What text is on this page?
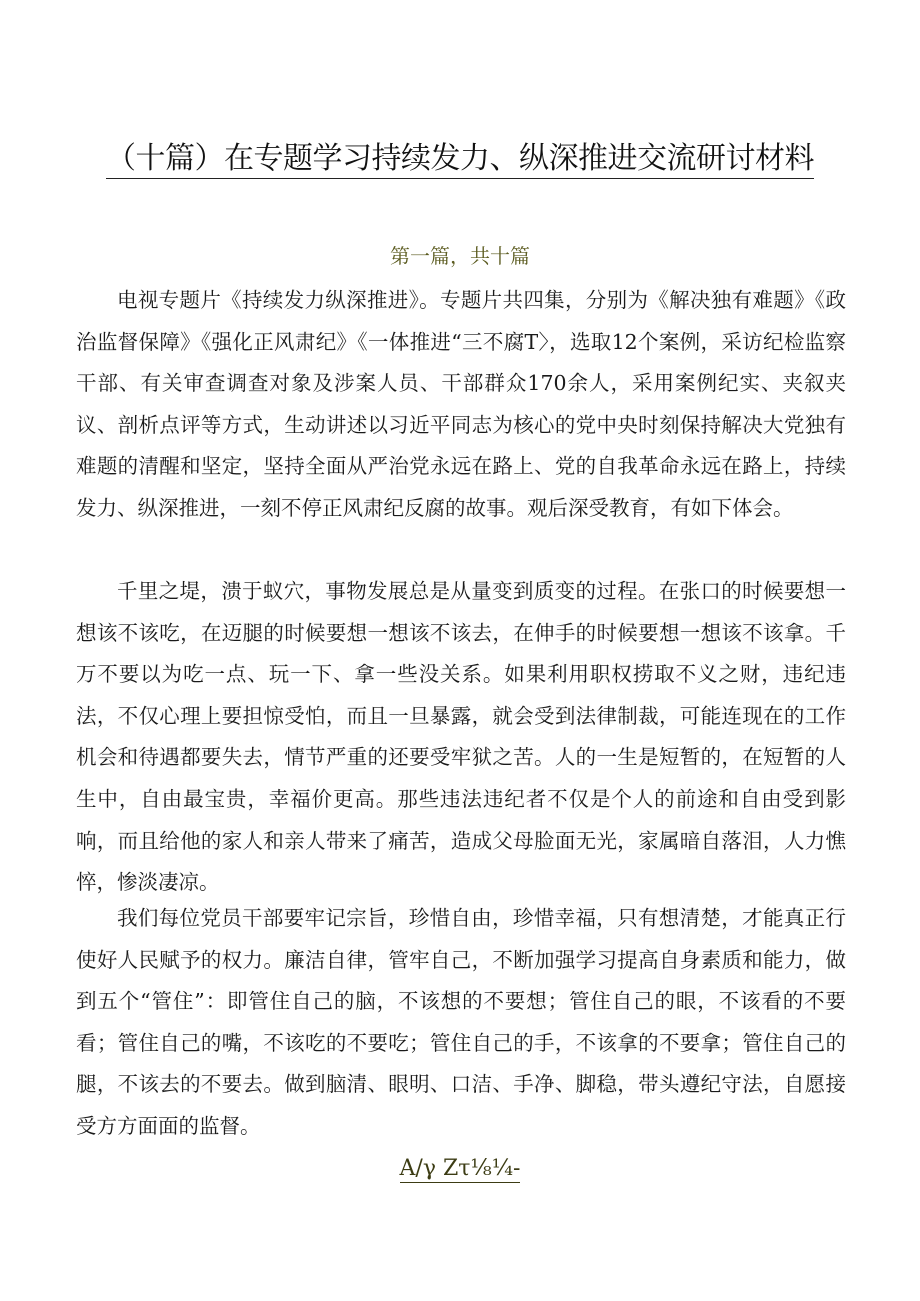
（十篇）在专题学习持续发力、纵深推进交流研讨材料
第一篇，共十篇

电视专题片《持续发力纵深推进》。专题片共四集，分别为《解决独有难题》《政治监督保障》《强化正风肃纪》《一体推进“三不腐T〉，选取12个案例，采访纪检监察干部、有关审查调查对象及涉案人员、干部群众170余人，采用案例纪实、夹叙夹议、剖析点评等方式，生动讲述以习近平同志为核心的党中央时刻保持解决大党独有难题的清醒和坚定，坚持全面从严治党永远在路上、党的自我革命永远在路上，持续发力、纵深推进，一刻不停正风肃纪反腐的故事。观后深受教育，有如下体会。

千里之堤，溃于蚁穴，事物发展总是从量变到质变的过程。在张口的时候要想一想该不该吃，在迈腿的时候要想一想该不该去，在伸手的时候要想一想该不该拿。千万不要以为吃一点、玩一下、拿一些没关系。如果利用职权捞取不义之财，违纪违法，不仅心理上要担惊受怕，而且一旦暴露，就会受到法律制裁，可能连现在的工作机会和待遇都要失去，情节严重的还要受牢狱之苦。人的一生是短暂的，在短暂的人生中，自由最宝贵，幸福价更高。那些违法违纪者不仅是个人的前途和自由受到影响，而且给他的家人和亲人带来了痛苦，造成父母脸面无光，家属暗自落泪，人力憔悴，惨淡凄凉。

我们每位党员干部要牢记宗旨，珍惜自由，珍惜幸福，只有想清楚，才能真正行使好人民赋予的权力。廉洁自律，管牢自己，不断加强学习提高自身素质和能力，做到五个“管住”：即管住自己的脑，不该想的不要想；管住自己的眼，不该看的不要看；管住自己的嘴，不该吃的不要吃；管住自己的手，不该拿的不要拿；管住自己的腿，不该去的不要去。做到脑清、眼明、口洁、手净、脚稳，带头遵纪守法，自愿接受方方面面的监督。

A/γ Zτ¹⁄₈¼-
